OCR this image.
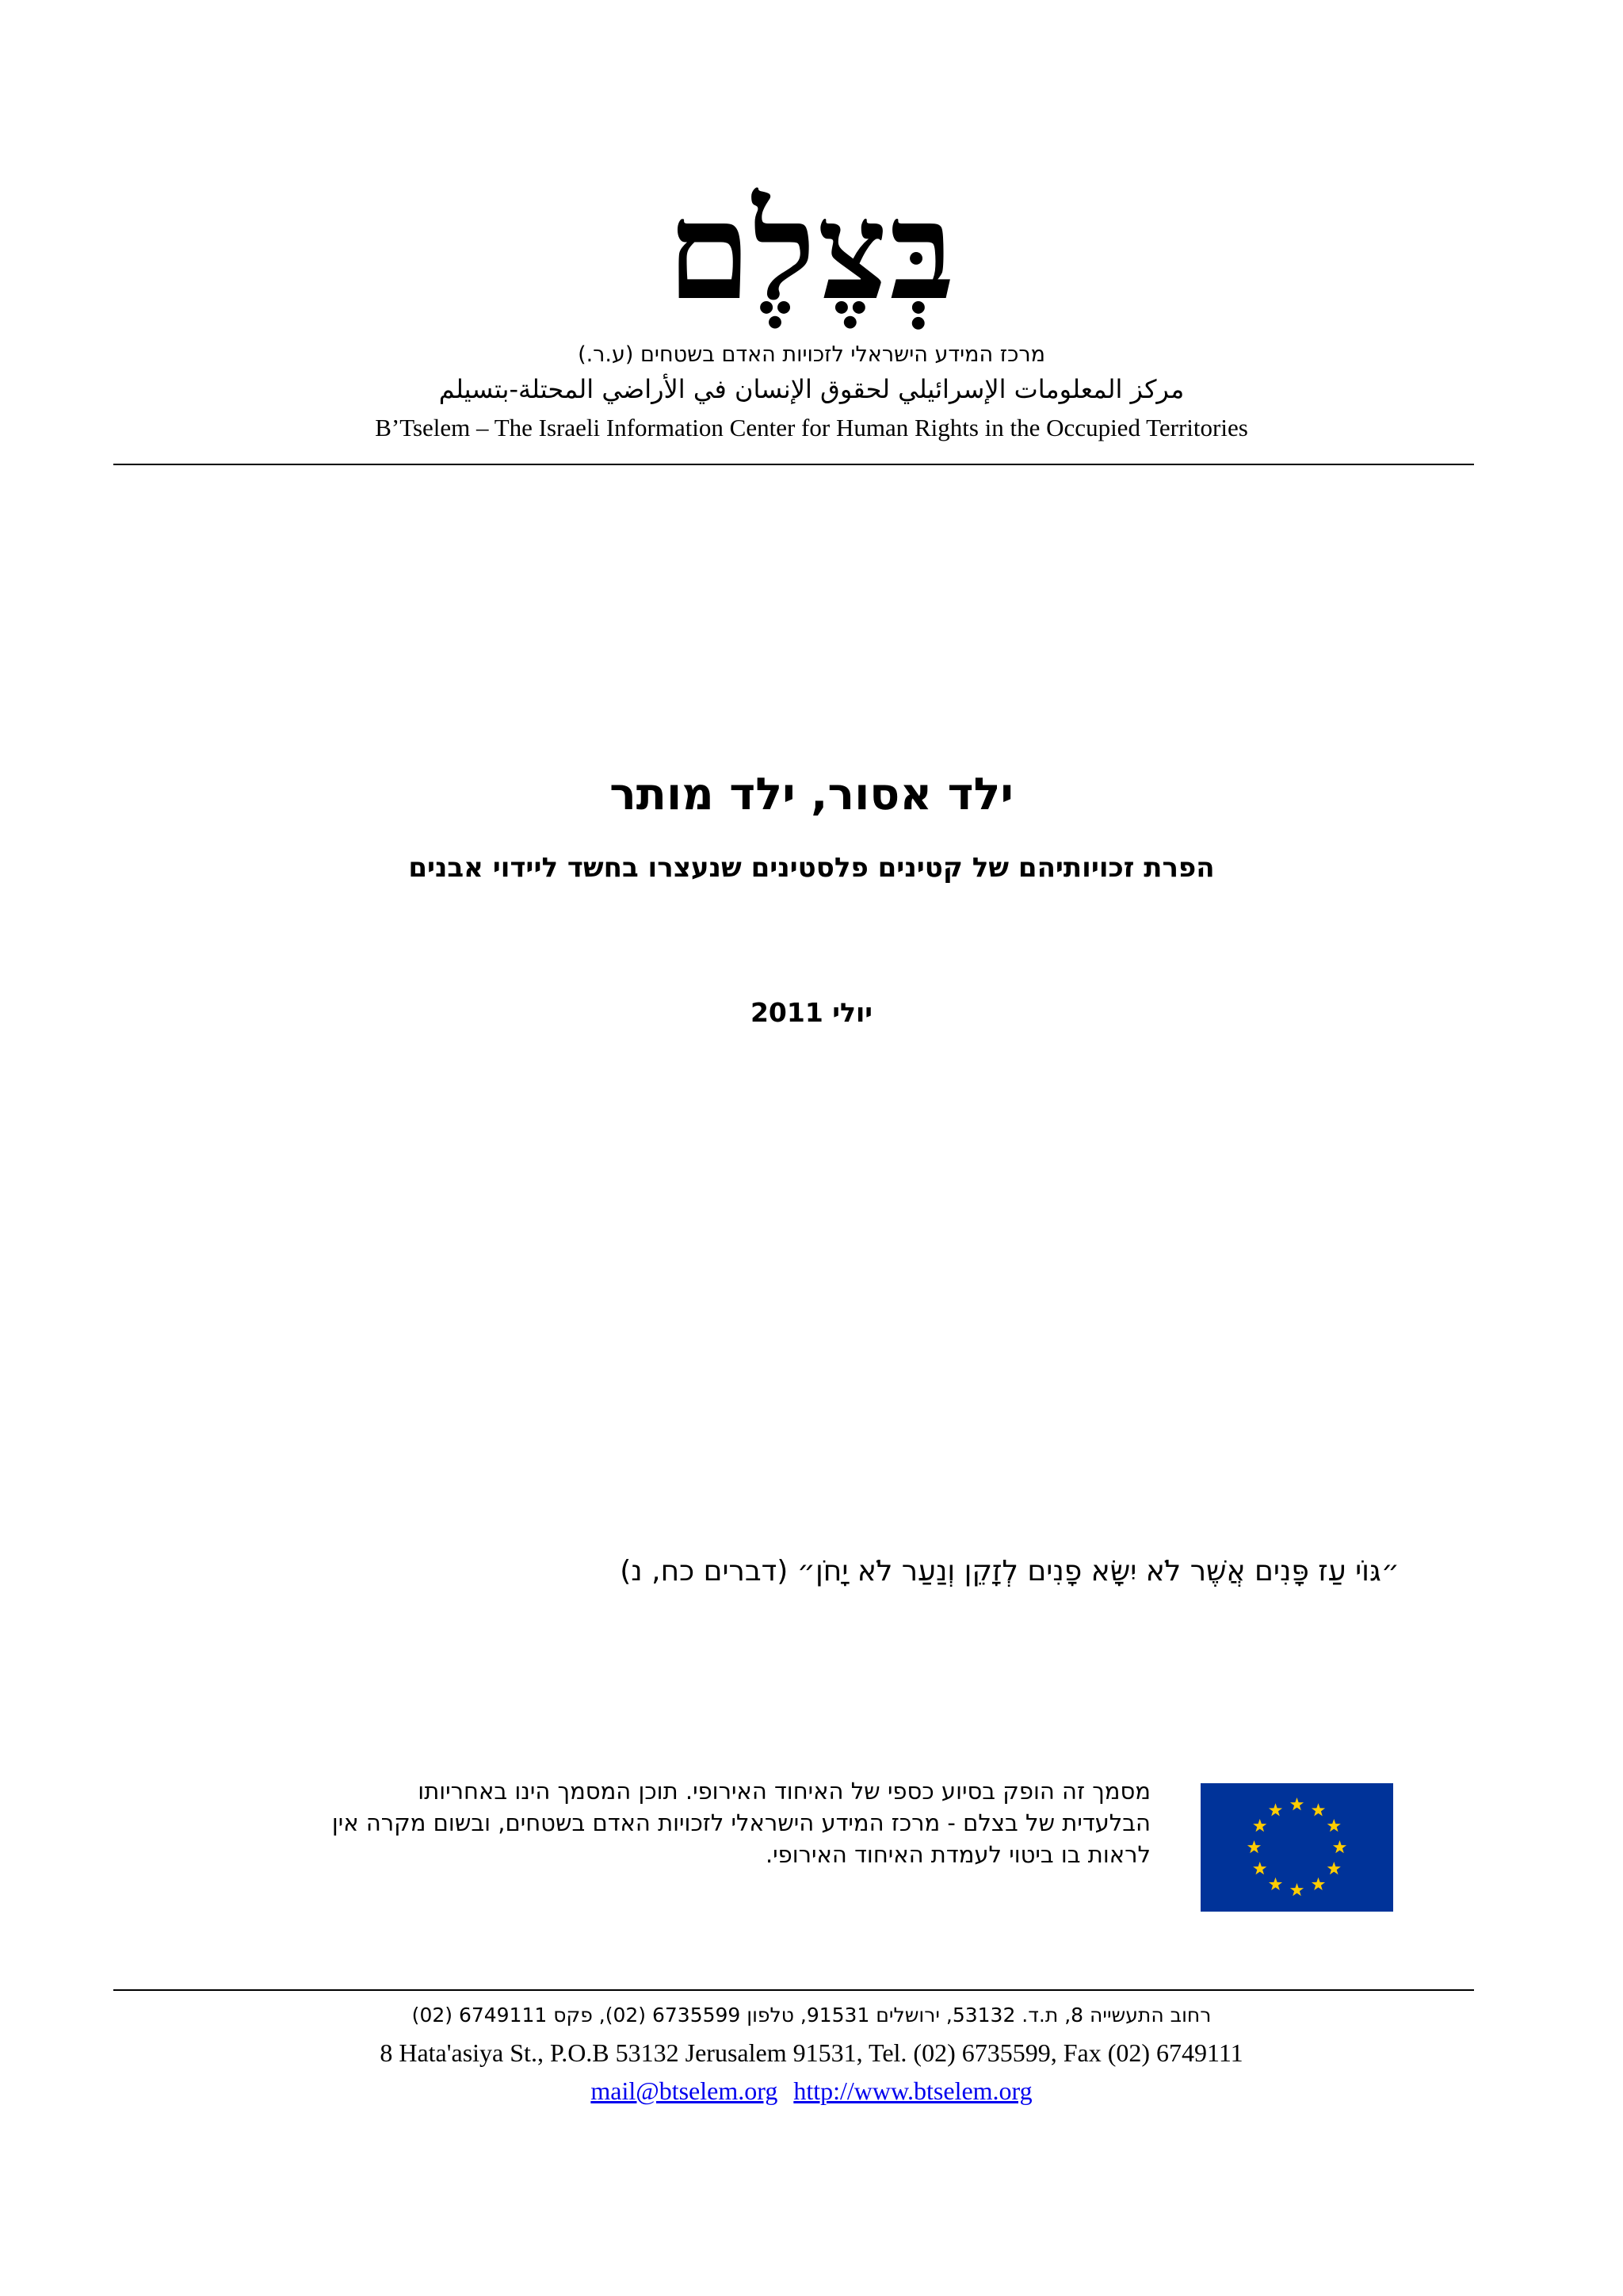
בְּצֶלֶם
מרכז המידע הישראלי לזכויות האדם בשטחים (ע.ר.)
مركز المعلومات الإسرائيلي لحقوق الإنسان في الأراضي المحتلة-بتسيلم
B’Tselem – The Israeli Information Center for Human Rights in the Occupied Territories
ילד אסור, ילד מותר
הפרת זכויותיהם של קטינים פלסטינים שנעצרו בחשד ליידוי אבנים
יולי 2011
״גּוֹי עַז פָּנִים אֲשֶׁר לֹא יִשָּׂא פָנִים לְזָקֵן וְנַעַר לֹא יָחֹן״ (דברים כח, נ)
מסמך זה הופק בסיוע כספי של האיחוד האירופי. תוכן המסמך הינו באחריותו
הבלעדית של בצלם - מרכז המידע הישראלי לזכויות האדם בשטחים, ובשום מקרה אין
לראות בו ביטוי לעמדת האיחוד האירופי.
רחוב התעשייה 8, ת.ד. 53132, ירושלים 91531, טלפון 6735599 (02), פקס 6749111 (02)
8 Hata'asiya St., P.O.B 53132 Jerusalem 91531, Tel. (02) 6735599, Fax (02) 6749111
mail@btselem.org http://www.btselem.org
